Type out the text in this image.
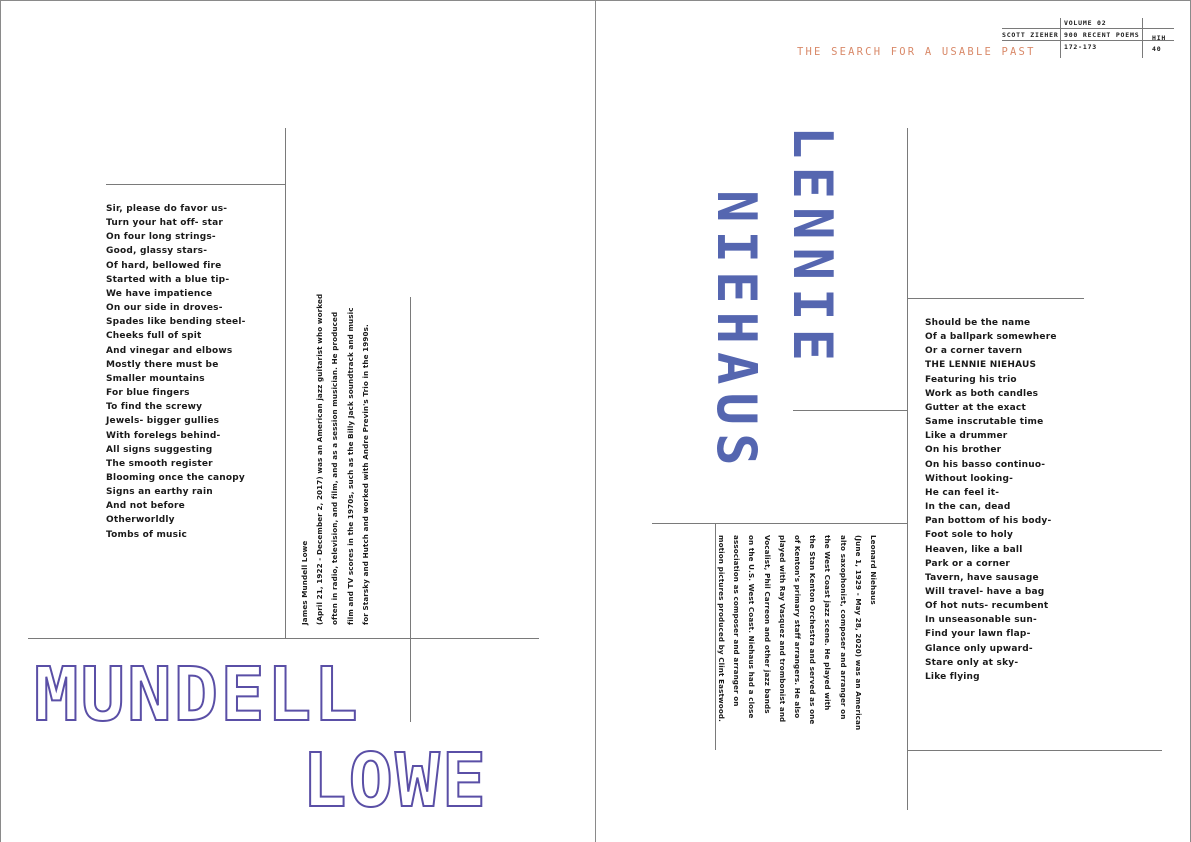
Sir, please do favor us-
Turn your hat off- star
On four long strings-
Good, glassy stars-
Of hard, bellowed fire
Started with a blue tip-
We have impatience
On our side in droves-
Spades like bending steel-
Cheeks full of spit
And vinegar and elbows
Mostly there must be
Smaller mountains
For blue fingers
To find the screwy
Jewels- bigger gullies
With forelegs behind-
All signs suggesting
The smooth register
Blooming once the canopy
Signs an earthy rain
And not before
Otherworldly
Tombs of music
James Mundell Lowe (April 21, 1922 - December 2, 2017) was an American jazz guitarist who worked often in radio, television, and film, and as a session musician. He produced film and TV scores in the 1970s, such as the Billy Jack soundtrack and music for Starsky and Hutch and worked with Andre Previn's Trio in the 1990s.
MUNDELL
LOWE
VOLUME 02
SCOTT ZIEHER 900 RECENT POEMS
172-173
HIH
40
THE SEARCH FOR A USABLE PAST
LENNIE
NIEHAUS
Leonard Niehaus
(June 1, 1929 - May 28, 2020) was an American
alto saxophonist, composer and arranger on
the West Coast jazz scene. He played with
the Stan Kenton Orchestra and served as one
of Kenton's primary staff arrangers. He also
played with Ray Vasquez and trombonist and
Vocalist, Phil Carreon and other jazz bands
on the U.S. West Coast. Niehaus had a close
association as composer and arranger on
motion pictures produced by Clint Eastwood.
Should be the name
Of a ballpark somewhere
Or a corner tavern
THE LENNIE NIEHAUS
Featuring his trio
Work as both candles
Gutter at the exact
Same inscrutable time
Like a drummer
On his brother
On his basso continuo-
Without looking-
He can feel it-
In the can, dead
Pan bottom of his body-
Foot sole to holy
Heaven, like a ball
Park or a corner
Tavern, have sausage
Will travel- have a bag
Of hot nuts- recumbent
In unseasonable sun-
Find your lawn flap-
Glance only upward-
Stare only at sky-
Like flying
